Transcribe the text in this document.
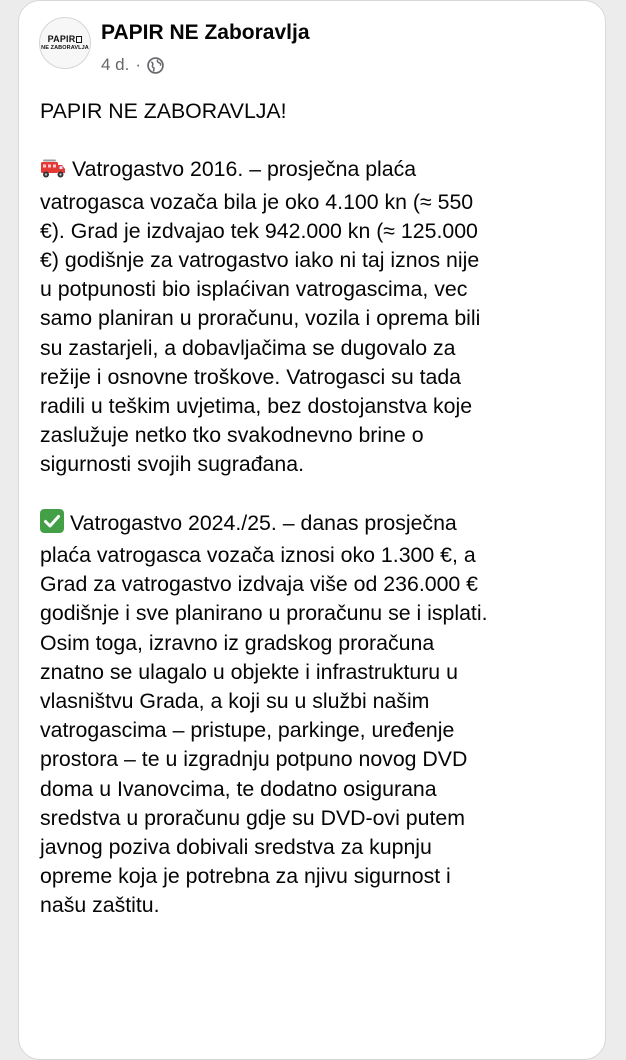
PAPIR
NE ZABORAVLJA
PAPIR NE Zaboravlja
4 d. ·

PAPIR NE ZABORAVLJA!

Vatrogastvo 2016. – prosječna plaća

vatrogasca vozača bila je oko 4.100 kn (≈ 550

€). Grad je izdvajao tek 942.000 kn (≈ 125.000

€) godišnje za vatrogastvo iako ni taj iznos nije

u potpunosti bio isplaćivan vatrogascima, vec

samo planiran u proračunu, vozila i oprema bili

su zastarjeli, a dobavljačima se dugovalo za

režije i osnovne troškove. Vatrogasci su tada

radili u teškim uvjetima, bez dostojanstva koje

zaslužuje netko tko svakodnevno brine o

sigurnosti svojih sugrađana.

Vatrogastvo 2024./25. – danas prosječna

plaća vatrogasca vozača iznosi oko 1.300 €, a

Grad za vatrogastvo izdvaja više od 236.000 €

godišnje i sve planirano u proračunu se i isplati.

Osim toga, izravno iz gradskog proračuna

znatno se ulagalo u objekte i infrastrukturu u

vlasništvu Grada, a koji su u službi našim

vatrogascima – pristupe, parkinge, uređenje

prostora – te u izgradnju potpuno novog DVD

doma u Ivanovcima, te dodatno osigurana

sredstva u proračunu gdje su DVD-ovi putem

javnog poziva dobivali sredstva za kupnju

opreme koja je potrebna za njivu sigurnost i

našu zaštitu.
